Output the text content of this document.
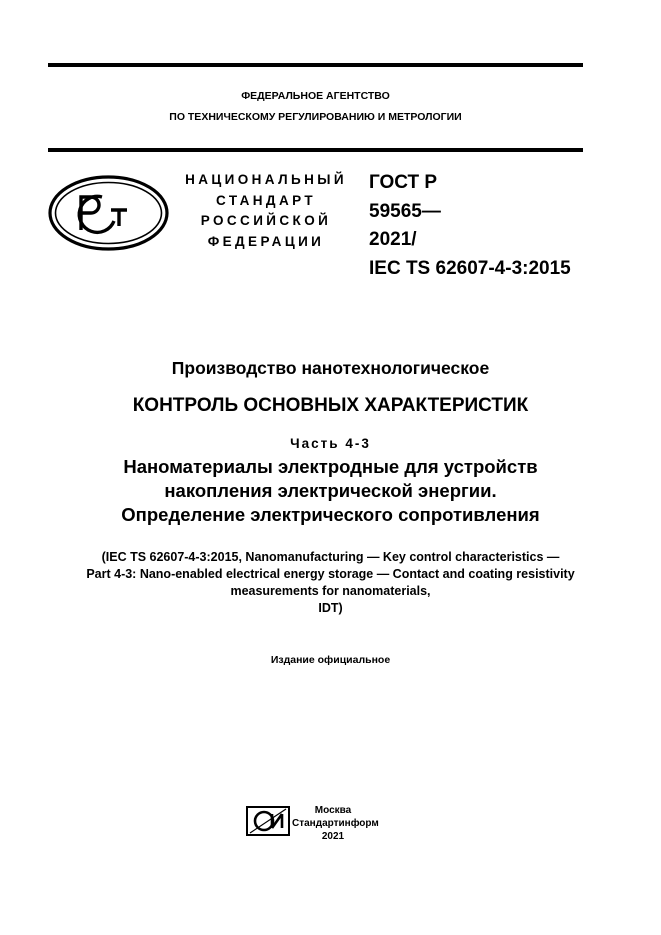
ФЕДЕРАЛЬНОЕ АГЕНТСТВО
ПО ТЕХНИЧЕСКОМУ РЕГУЛИРОВАНИЮ И МЕТРОЛОГИИ
НАЦИОНАЛЬНЫЙ
СТАНДАРТ
РОССИЙСКОЙ
ФЕДЕРАЦИИ
ГОСТ Р
59565—
2021/
IEC TS 62607-4-3:2015
Производство нанотехнологическое
КОНТРОЛЬ ОСНОВНЫХ ХАРАКТЕРИСТИК
Часть 4-3
Наноматериалы электродные для устройств
накопления электрической энергии.
Определение электрического сопротивления
(IEC TS 62607-4-3:2015, Nanomanufacturing — Key control characteristics —
Part 4-3: Nano-enabled electrical energy storage — Contact and coating resistivity
measurements for nanomaterials,
IDT)
Издание официальное
Москва
Стандартинформ
2021
